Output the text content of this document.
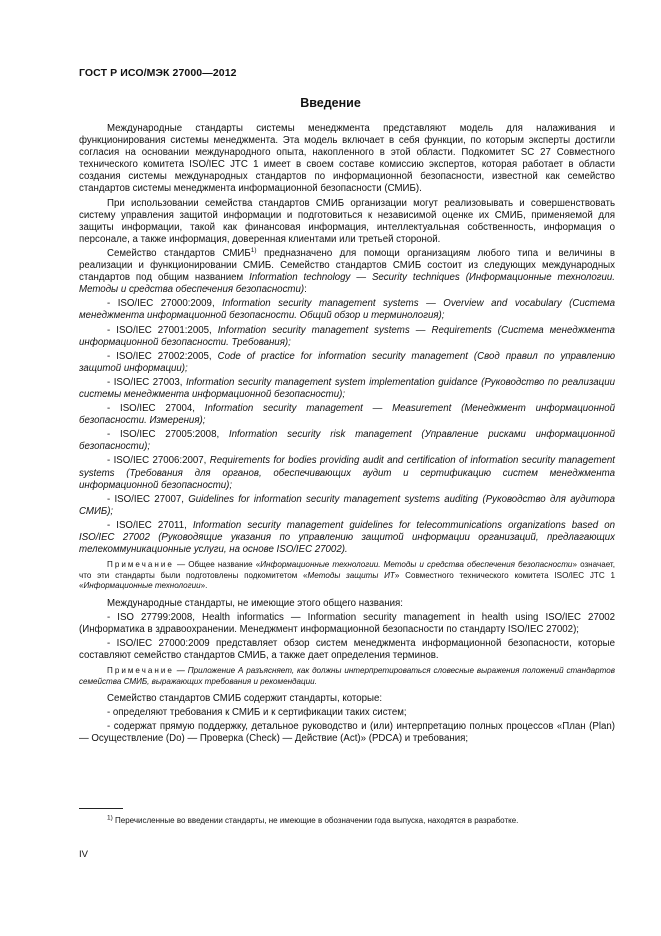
ГОСТ Р ИСО/МЭК 27000—2012
Введение

Международные стандарты системы менеджмента представляют модель для налаживания и функционирования системы менеджмента. Эта модель включает в себя функции, по которым эксперты достигли согласия на основании международного опыта, накопленного в этой области. Подкомитет SC 27 Совместного технического комитета ISO/IEC JTC 1 имеет в своем составе комиссию экспертов, которая работает в области создания системы международных стандартов по информационной безопасности, известной как семейство стандартов системы менеджмента информационной безопасности (СМИБ).

При использовании семейства стандартов СМИБ организации могут реализовывать и совершенствовать систему управления защитой информации и подготовиться к независимой оценке их СМИБ, применяемой для защиты информации, такой как финансовая информация, интеллектуальная собственность, информация о персонале, а также информация, доверенная клиентами или третьей стороной.

Семейство стандартов СМИБ$^{1)}$ предназначено для помощи организациям любого типа и величины в реализации и функционировании СМИБ. Семейство стандартов СМИБ состоит из следующих международных стандартов под общим названием Information technology — Security techniques (Информационные технологии. Методы и средства обеспечения безопасности):

- ISO/IEC 27000:2009, Information security management systems — Overview and vocabulary (Система менеджмента информационной безопасности. Общий обзор и терминология);

- ISO/IEC 27001:2005, Information security management systems — Requirements (Система менеджмента информационной безопасности. Требования);

- ISO/IEC 27002:2005, Code of practice for information security management (Свод правил по управлению защитой информации);

- ISO/IEC 27003, Information security management system implementation guidance (Руководство по реализации системы менеджмента информационной безопасности);

- ISO/IEC 27004, Information security management — Measurement (Менеджмент информационной безопасности. Измерения);

- ISO/IEC 27005:2008, Information security risk management (Управление рисками информационной безопасности);

- ISO/IEC 27006:2007, Requirements for bodies providing audit and certification of information security management systems (Требования для органов, обеспечивающих аудит и сертификацию систем менеджмента информационной безопасности);

- ISO/IEC 27007, Guidelines for information security management systems auditing (Руководство для аудитора СМИБ);

- ISO/IEC 27011, Information security management guidelines for telecommunications organizations based on ISO/IEC 27002 (Руководящие указания по управлению защитой информации организаций, предлагающих телекоммуникационные услуги, на основе ISO/IEC 27002).

Примечание — Общее название «Информационные технологии. Методы и средства обеспечения безопасности» означает, что эти стандарты были подготовлены подкомитетом «Методы защиты ИТ» Совместного технического комитета ISO/IEC JTC 1 «Информационные технологии».

Международные стандарты, не имеющие этого общего названия:

- ISO 27799:2008, Health informatics — Information security management in health using ISO/IEC 27002 (Информатика в здравоохранении. Менеджмент информационной безопасности по стандарту ISO/IEC 27002);

- ISO/IEC 27000:2009 представляет обзор систем менеджмента информационной безопасности, которые составляют семейство стандартов СМИБ, а также дает определения терминов.

Примечание — Приложение А разъясняет, как должны интерпретироваться словесные выражения положений стандартов семейства СМИБ, выражающих требования и рекомендации.

Семейство стандартов СМИБ содержит стандарты, которые:

- определяют требования к СМИБ и к сертификации таких систем;

- содержат прямую поддержку, детальное руководство и (или) интерпретацию полных процессов «План (Plan) — Осуществление (Do) — Проверка (Check) — Действие (Act)» (PDCA) и требования;

$^{1)}$ Перечисленные во введении стандарты, не имеющие в обозначении года выпуска, находятся в разработке.
IV
